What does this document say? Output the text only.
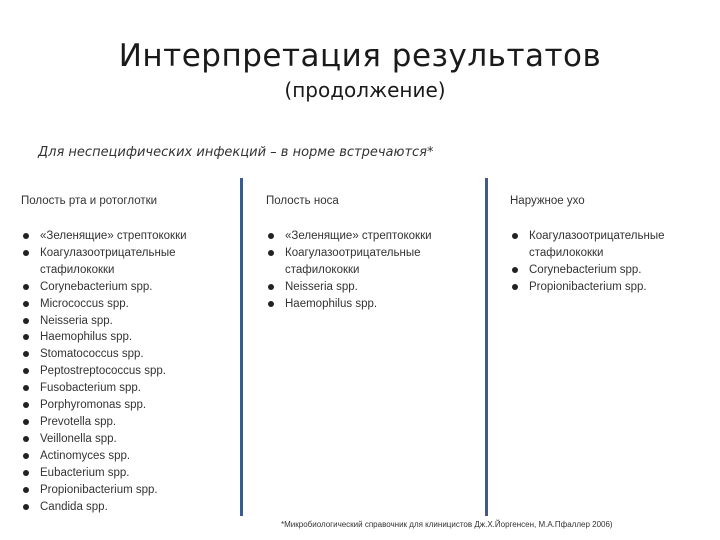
Интерпретация результатов
(продолжение)
Для неспецифических инфекций – в норме встречаются*
Полость рта и ротоглотки
«Зеленящие» стрептококки
Коагулазоотрицательные стафилококки
Corynebacterium spp.
Micrococcus spp.
Neisseria spp.
Haemophilus spp.
Stomatococcus spp.
Peptostreptococcus spp.
Fusobacterium spp.
Porphyromonas spp.
Prevotella spp.
Veillonella spp.
Actinomyces spp.
Eubacterium spp.
Propionibacterium spp.
Candida spp.
Полость носа
«Зеленящие» стрептококки
Коагулазоотрицательные стафилококки
Neisseria spp.
Haemophilus spp.
Наружное ухо
Коагулазоотрицательные стафилококки
Corynebacterium spp.
Propionibacterium spp.
*Микробиологический справочник для клиницистов Дж.Х.Йоргенсен, М.А.Пфаллер 2006)
